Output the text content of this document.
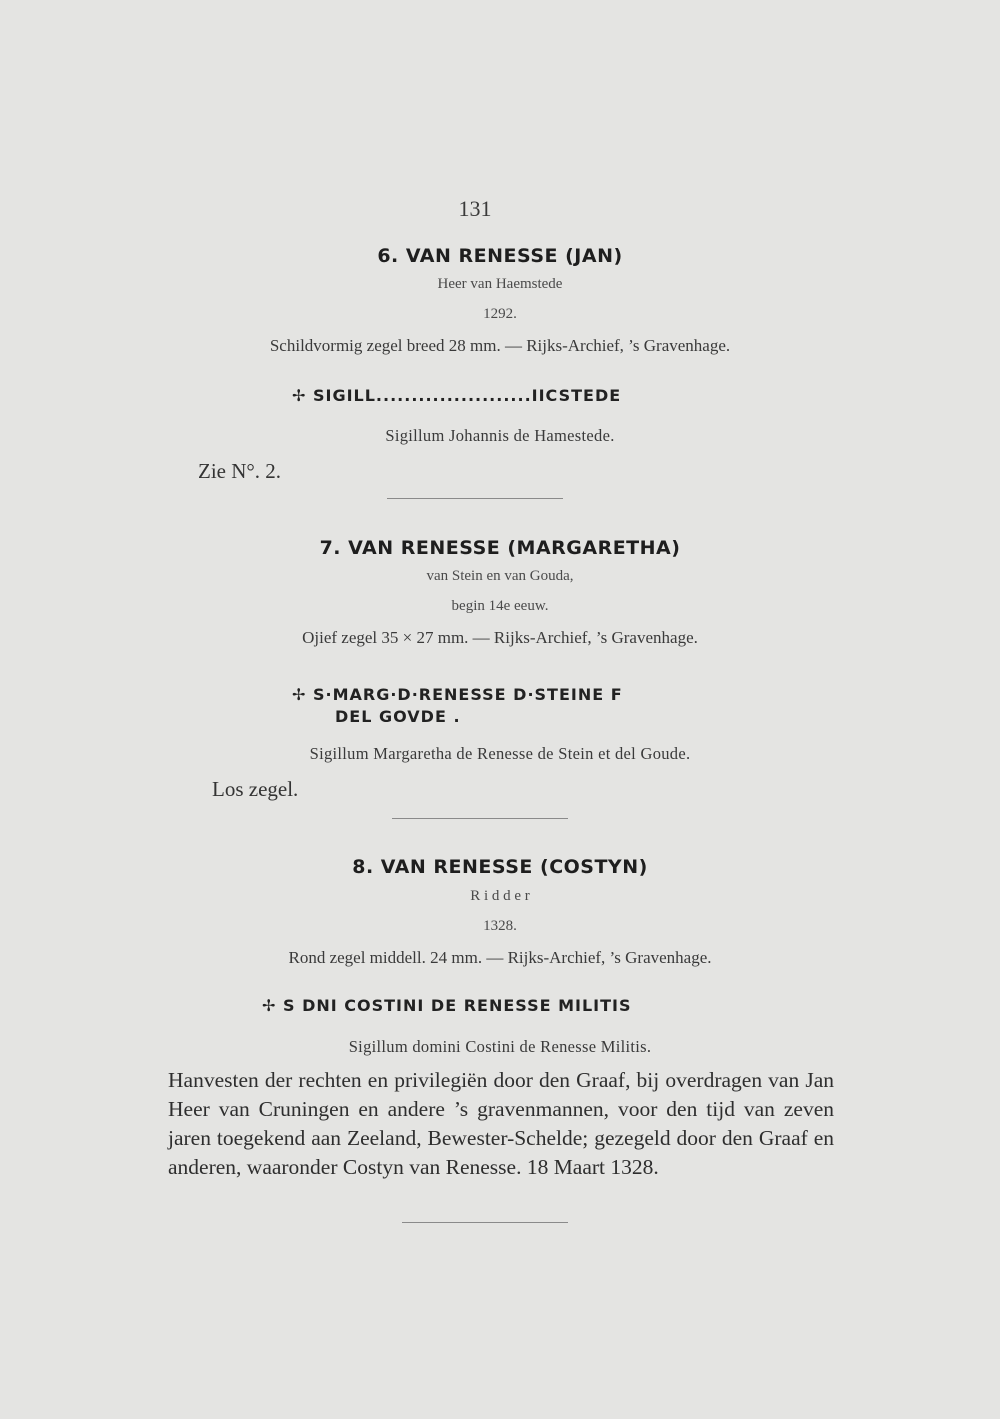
131
6. VAN RENESSE (JAN)
Heer van Haemstede
1292.
Schildvormig zegel breed 28 mm. — Rijks-Archief, ’s Gravenhage.
✢ SIGILL......................IICSTEDE
Sigillum Johannis de Hamestede.
Zie N°. 2.
7. VAN RENESSE (MARGARETHA)
van Stein en van Gouda,
begin 14e eeuw.
Ojief zegel 35 × 27 mm. — Rijks-Archief, ’s Gravenhage.
✢ S·MARG·D·RENESSE D·STEINE F
DEL GOVDE .
Sigillum Margaretha de Renesse de Stein et del Goude.
Los zegel.
8. VAN RENESSE (COSTYN)
R i d d e r
1328.
Rond zegel middell. 24 mm. — Rijks-Archief, ’s Gravenhage.
✢ S DNI COSTINI DE RENESSE MILITIS
Sigillum domini Costini de Renesse Militis.
Hanvesten der rechten en privilegiën door den Graaf, bij overdragen van Jan Heer van Cruningen en andere ’s gravenmannen, voor den tijd van zeven jaren toegekend aan Zeeland, Bewester-Schelde; gezegeld door den Graaf en anderen, waaronder Costyn van Renesse. 18 Maart 1328.
